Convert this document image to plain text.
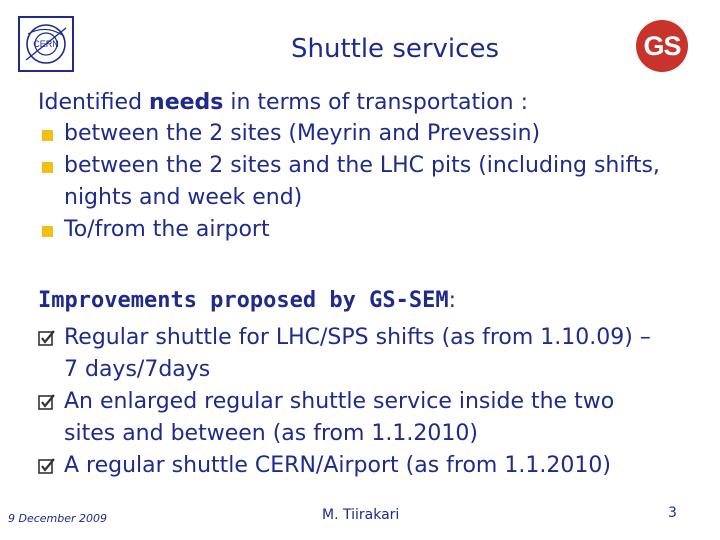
CERN	Shuttle services	GS
Identified needs in terms of transportation :
between the 2 sites (Meyrin and Prevessin)
between the 2 sites and the LHC pits (including shifts, nights and week end)
To/from the airport
Improvements proposed by GS-SEM:
Regular shuttle for LHC/SPS shifts (as from 1.10.09) – 7 days/7days
An enlarged regular shuttle service inside the two sites and between (as from 1.1.2010)
A regular shuttle CERN/Airport (as from 1.1.2010)
9 December 2009	M. Tiirakari	3
